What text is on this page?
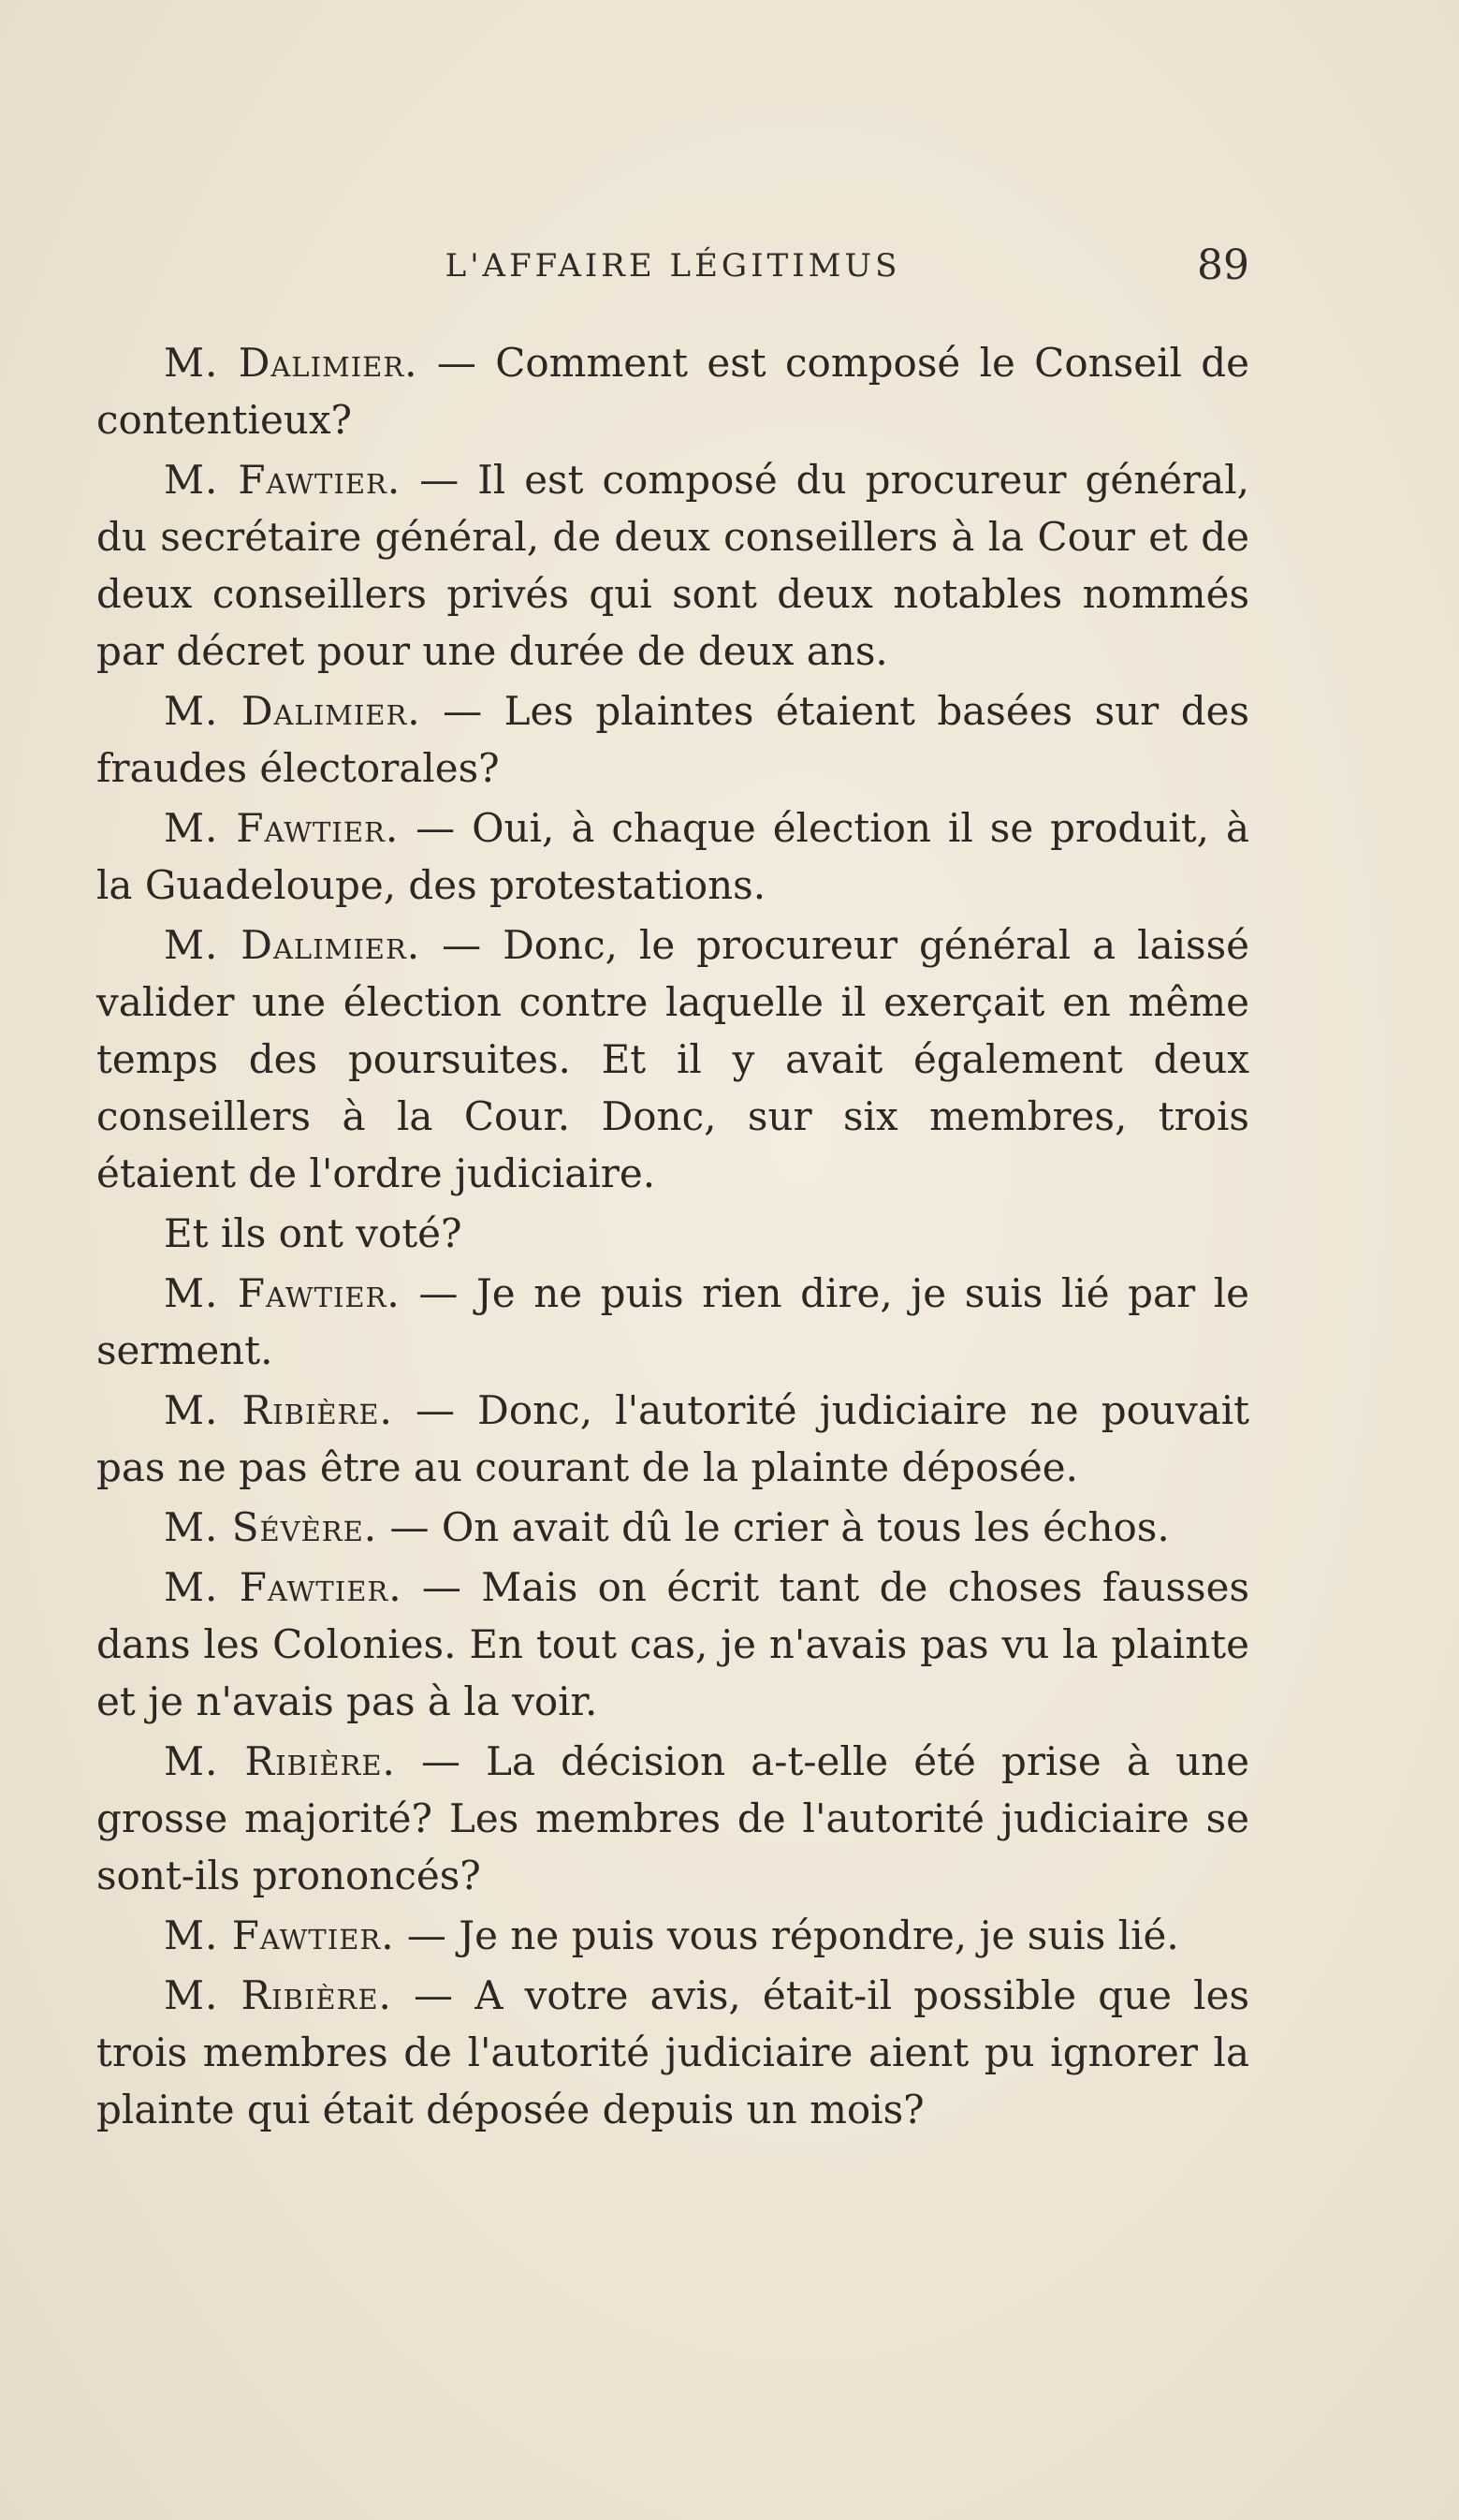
L'AFFAIRE LÉGITIMUS	89

M. Dalimier. — Comment est composé le Conseil de contentieux?

M. Fawtier. — Il est composé du procureur général, du secrétaire général, de deux conseillers à la Cour et de deux conseillers privés qui sont deux notables nommés par décret pour une durée de deux ans.

M. Dalimier. — Les plaintes étaient basées sur des fraudes électorales?

M. Fawtier. — Oui, à chaque élection il se produit, à la Guadeloupe, des protestations.

M. Dalimier. — Donc, le procureur général a laissé valider une élection contre laquelle il exerçait en même temps des poursuites. Et il y avait également deux conseillers à la Cour. Donc, sur six membres, trois étaient de l'ordre judiciaire.

Et ils ont voté?

M. Fawtier. — Je ne puis rien dire, je suis lié par le serment.

M. Ribière. — Donc, l'autorité judiciaire ne pouvait pas ne pas être au courant de la plainte déposée.

M. Sévère. — On avait dû le crier à tous les échos.

M. Fawtier. — Mais on écrit tant de choses fausses dans les Colonies. En tout cas, je n'avais pas vu la plainte et je n'avais pas à la voir.

M. Ribière. — La décision a-t-elle été prise à une grosse majorité? Les membres de l'autorité judiciaire se sont-ils prononcés?

M. Fawtier. — Je ne puis vous répondre, je suis lié.

M. Ribière. — A votre avis, était-il possible que les trois membres de l'autorité judiciaire aient pu ignorer la plainte qui était déposée depuis un mois?
